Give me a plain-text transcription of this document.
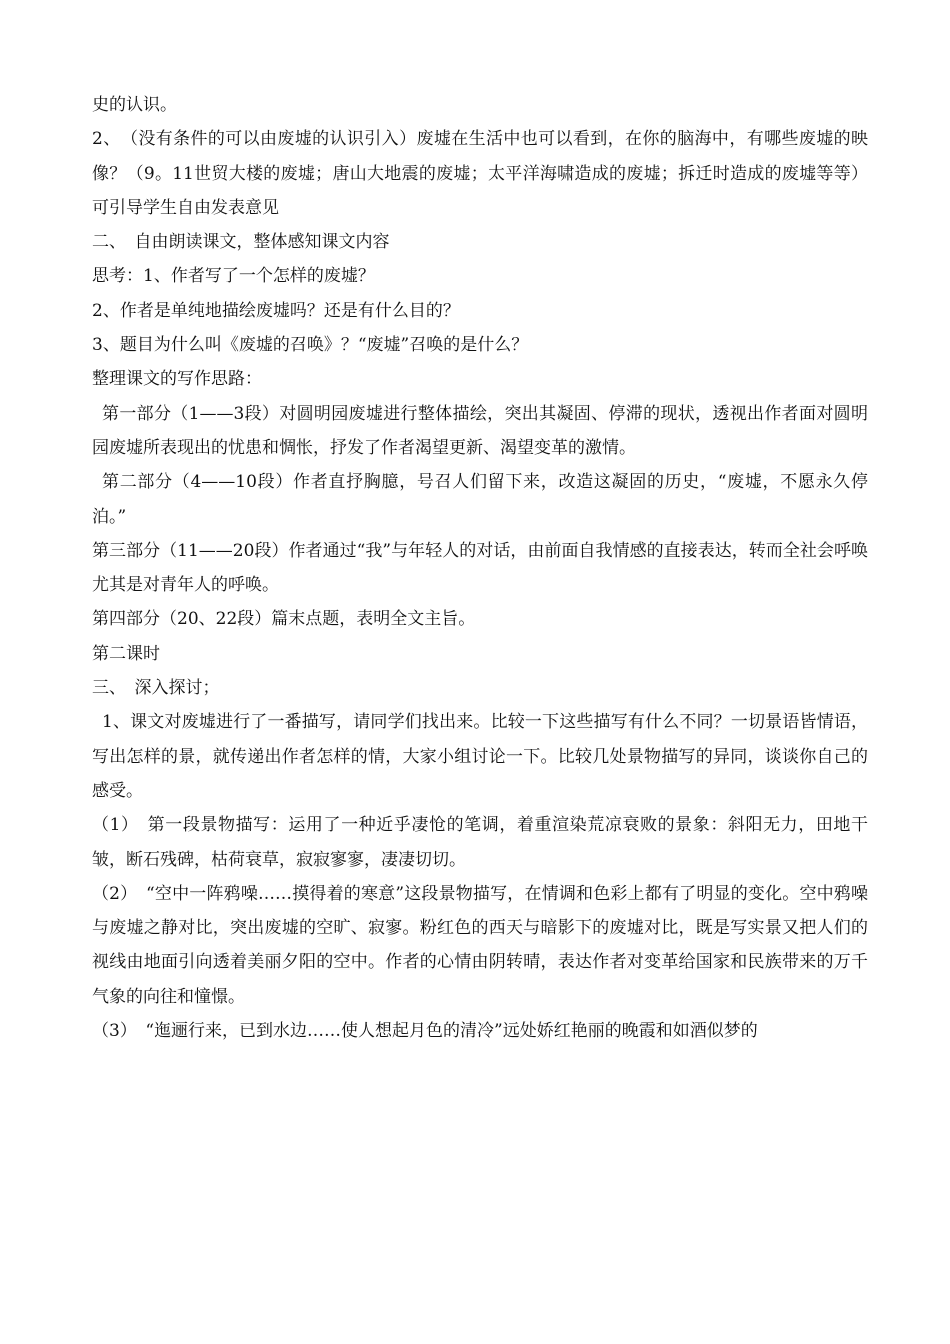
史的认识。

2、　（没有条件的可以由废墟的认识引入）废墟在生活中也可以看到，在你的脑海中，有哪些废墟的映像？（9。11世贸大楼的废墟；唐山大地震的废墟；太平洋海啸造成的废墟；拆迁时造成的废墟等等）可引导学生自由发表意见

二、　自由朗读课文，整体感知课文内容

思考：1、作者写了一个怎样的废墟？

2、作者是单纯地描绘废墟吗？还是有什么目的？

3、题目为什么叫《废墟的召唤》？“废墟”召唤的是什么？

整理课文的写作思路：

第一部分（1——3段）对圆明园废墟进行整体描绘，突出其凝固、停滞的现状，透视出作者面对圆明园废墟所表现出的忧患和惆怅，抒发了作者渴望更新、渴望变革的激情。

第二部分（4——10段）作者直抒胸臆，号召人们留下来，改造这凝固的历史，“废墟，不愿永久停泊。”

第三部分（11——20段）作者通过“我”与年轻人的对话，由前面自我情感的直接表达，转而全社会呼唤尤其是对青年人的呼唤。

第四部分（20、22段）篇末点题，表明全文主旨。

第二课时

三、　深入探讨；

1、课文对废墟进行了一番描写，请同学们找出来。比较一下这些描写有什么不同？一切景语皆情语，写出怎样的景，就传递出作者怎样的情，大家小组讨论一下。比较几处景物描写的异同，谈谈你自己的感受。

（1）　第一段景物描写：运用了一种近乎凄怆的笔调，着重渲染荒凉衰败的景象：斜阳无力，田地干皱，断石残碑，枯荷衰草，寂寂寥寥，凄凄切切。

（2）　“空中一阵鸦噪……摸得着的寒意”这段景物描写，在情调和色彩上都有了明显的变化。空中鸦噪与废墟之静对比，突出废墟的空旷、寂寥。粉红色的西天与暗影下的废墟对比，既是写实景又把人们的视线由地面引向透着美丽夕阳的空中。作者的心情由阴转晴，表达作者对变革给国家和民族带来的万千气象的向往和憧憬。

（3）　“迤逦行来，已到水边……使人想起月色的清冷”远处娇红艳丽的晚霞和如酒似梦的
